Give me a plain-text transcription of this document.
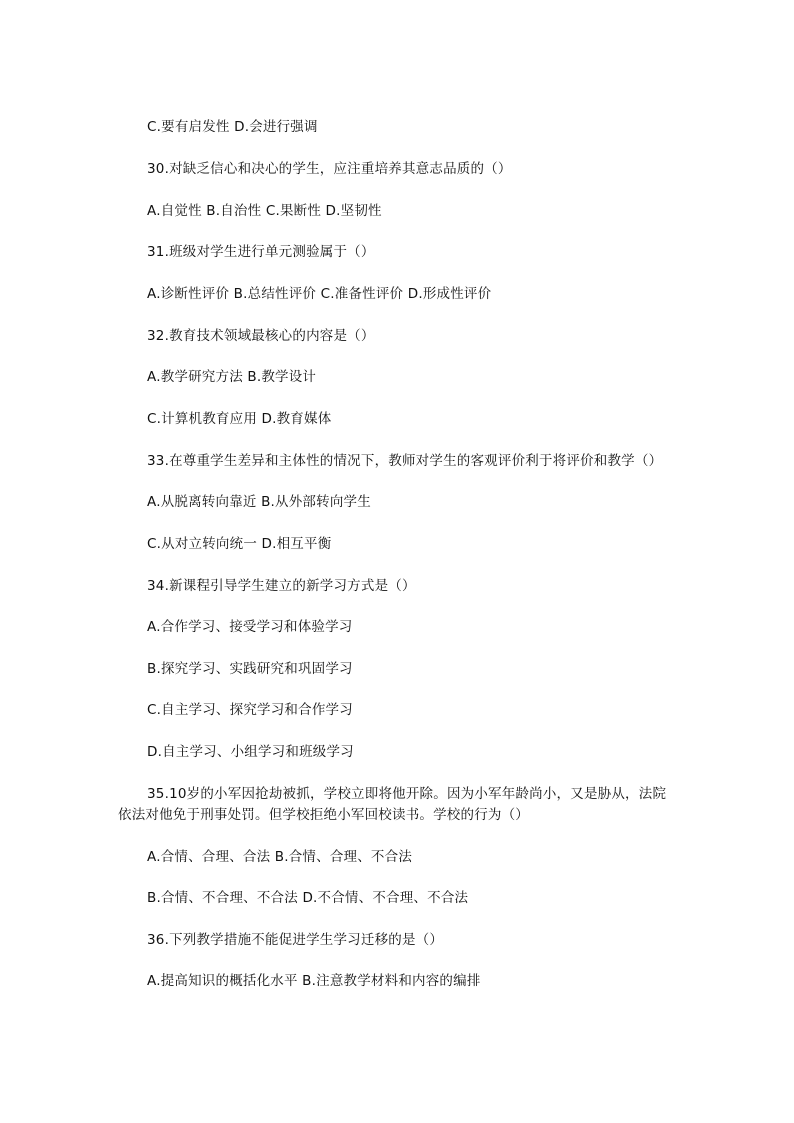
C.要有启发性 D.会进行强调
30.对缺乏信心和决心的学生，应注重培养其意志品质的（）
A.自觉性 B.自治性 C.果断性 D.坚韧性
31.班级对学生进行单元测验属于（）
A.诊断性评价 B.总结性评价 C.准备性评价 D.形成性评价
32.教育技术领域最核心的内容是（）
A.教学研究方法 B.教学设计
C.计算机教育应用 D.教育媒体
33.在尊重学生差异和主体性的情况下，教师对学生的客观评价利于将评价和教学（）
A.从脱离转向靠近 B.从外部转向学生
C.从对立转向统一 D.相互平衡
34.新课程引导学生建立的新学习方式是（）
A.合作学习、接受学习和体验学习
B.探究学习、实践研究和巩固学习
C.自主学习、探究学习和合作学习
D.自主学习、小组学习和班级学习
35.10岁的小军因抢劫被抓，学校立即将他开除。因为小军年龄尚小，又是胁从，法院依法对他免于刑事处罚。但学校拒绝小军回校读书。学校的行为（）
A.合情、合理、合法 B.合情、合理、不合法
B.合情、不合理、不合法 D.不合情、不合理、不合法
36.下列教学措施不能促进学生学习迁移的是（）
A.提高知识的概括化水平 B.注意教学材料和内容的编排
